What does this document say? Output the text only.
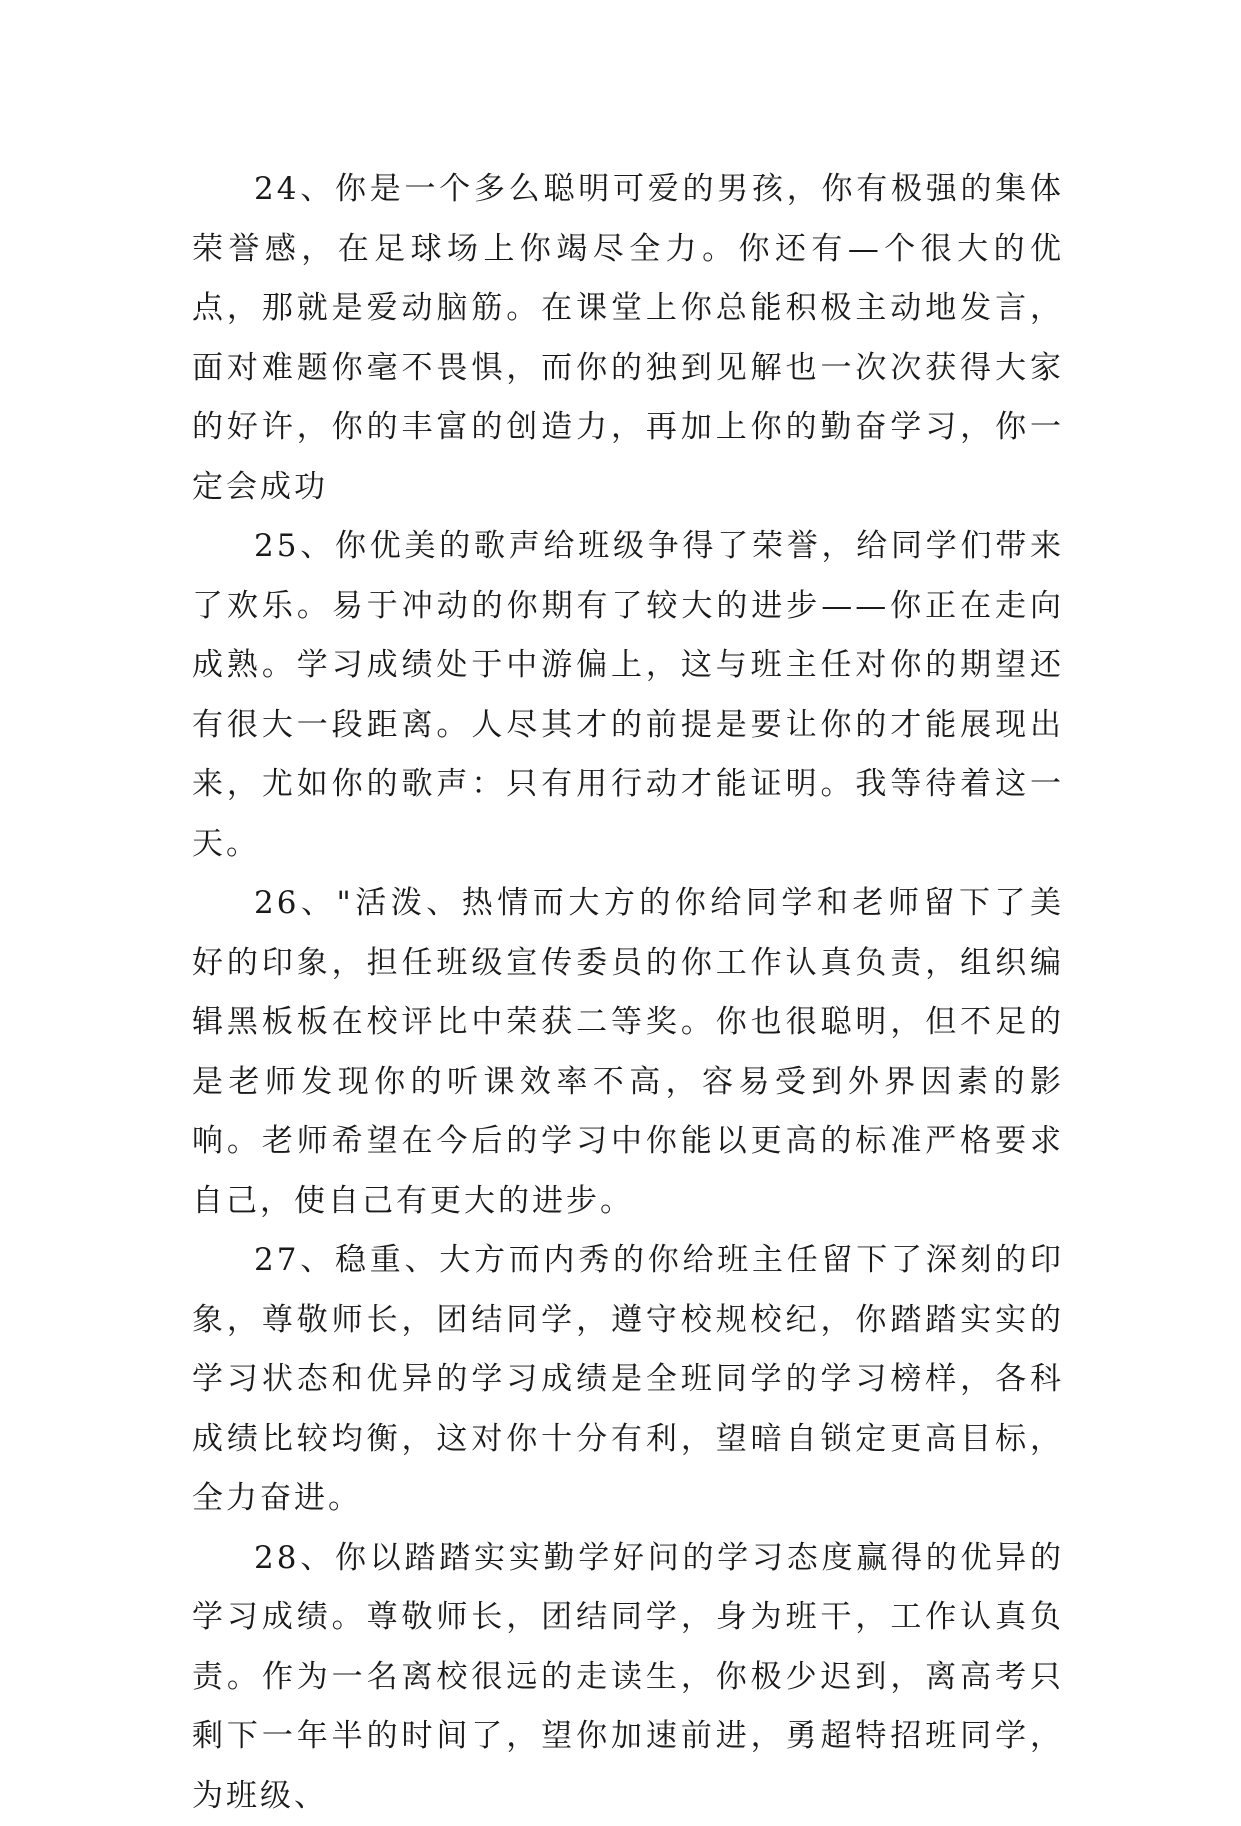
24、你是一个多么聪明可爱的男孩，你有极强的集体荣誉感，在足球场上你竭尽全力。你还有—个很大的优点，那就是爱动脑筋。在课堂上你总能积极主动地发言，面对难题你毫不畏惧，而你的独到见解也一次次获得大家的好许，你的丰富的创造力，再加上你的勤奋学习，你一定会成功

25、你优美的歌声给班级争得了荣誉，给同学们带来了欢乐。易于冲动的你期有了较大的进步——你正在走向成熟。学习成绩处于中游偏上，这与班主任对你的期望还有很大一段距离。人尽其才的前提是要让你的才能展现出来，尤如你的歌声：只有用行动才能证明。我等待着这一天。

26、"活泼、热情而大方的你给同学和老师留下了美好的印象，担任班级宣传委员的你工作认真负责，组织编辑黑板板在校评比中荣获二等奖。你也很聪明，但不足的是老师发现你的听课效率不高，容易受到外界因素的影响。老师希望在今后的学习中你能以更高的标准严格要求自己，使自己有更大的进步。

27、稳重、大方而内秀的你给班主任留下了深刻的印象，尊敬师长，团结同学，遵守校规校纪，你踏踏实实的学习状态和优异的学习成绩是全班同学的学习榜样，各科成绩比较均衡，这对你十分有利，望暗自锁定更高目标，全力奋进。

28、你以踏踏实实勤学好问的学习态度赢得的优异的学习成绩。尊敬师长，团结同学，身为班干，工作认真负责。作为一名离校很远的走读生，你极少迟到，离高考只剩下一年半的时间了，望你加速前进，勇超特招班同学，为班级、
